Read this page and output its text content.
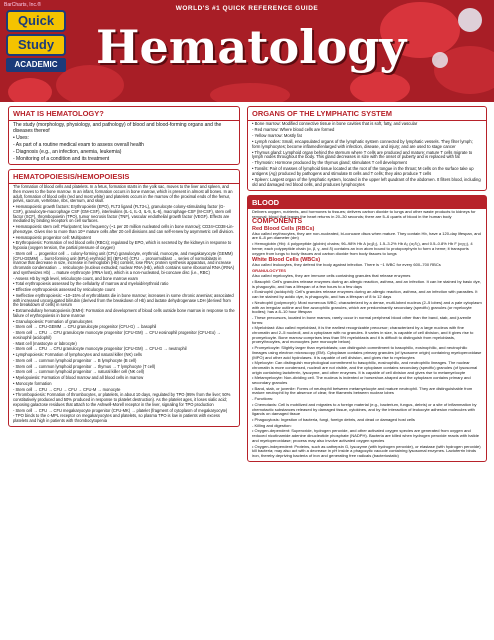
BarCharts, Inc.®	WORLD'S #1 QUICK REFERENCE GUIDE
Quick
Study
ACADEMIC Hematology
WHAT IS HEMATOLOGY?

The study (morphology, physiology, and pathology) of blood and blood-forming organs and the diseases thereof

• Uses:

- As part of a routine medical exam to assess overall health

- Diagnosis (e.g., an infection, anemia, leukemia)

- Monitoring of a condition and its treatment

HEMATOPOIESIS/HEMOPOIESIS

The formation of blood cells and platelets. In a fetus, formation starts in the yolk sac, moves to the liver and spleen, and then moves to the bone marrow. In an infant, formation occurs in bone marrow, which is present in almost all bones. In an adult, formation of blood cells (red and most white) and platelets occurs in the marrow of the proximal ends of the femur, pelvis, sacrum, vertebrae, ribs, sternum, and skull.

• Hematopoietic growth factors: Erythropoietin (EPO), FLT3 ligand (FLT3-L), granulocyte colony-stimulating factor (G-CSF), granulocyte-macrophage CSF (GM-CSF), interleukins (IL-1, IL-3, IL-5, IL-6), macrophage-CSF (M-CSF), stem cell factor (SCF), thrombopoietin (TPO), tumor necrosis factor (TNF), vascular endothelial growth factor (VEGF). Effects are mediated by binding receptors on cell surfaces.

• Hematopoietic stem cell: Pluripotent; low frequency (~1 per 20 million nucleated cells in bone marrow); CD34+CD38-Lin- phenotype. Gives rise to more than 10¹¹ mature cells after 20 cell divisions and can self-renew by asymmetric cell division.

• Hematopoietic progenitor cell: Multipotent

• Erythropoiesis: Formation of red blood cells (RBCs); regulated by EPO, which is secreted by the kidneys in response to hypoxia (oxygen tension, the partial pressure of oxygen)

- Stem cell → progenitor cell → colony-forming unit (CFU) granulocyte, erythroid, monocyte, and megakaryocyte (GEMM) (CFU-GEMM) → burst-forming unit (BFU) erythroid (E) (BFU-E) (CFU → pronormoblast → series of normoblasts in marrow that decrease in size, increase in hemoglobin (Hb) content, lose RNA; protein synthesis apparatus, and increase chromatin condensation → reticulocyte (nucleus extruded; nuclear RNA (Hb), which contains some ribosomal RNA (rRNA) and synthesizes Hb) → mature erythrocyte (rRNA lost), which is a non-nucleated, bi-concave disc (i.e., RBC)

- Assess Hb by Hgb level, reticulocyte count, and bone marrow exam

• Total erythropoiesis assessed by the cellularity of marrow and myeloid/erythroid ratio

• Effective erythropoiesis assessed by reticulocyte count

• Ineffective erythropoiesis: ~10–15% of erythroblasts die in bone marrow; increases in some chronic anemias; associated with increased unconjugated bilirubin (derived from the breakdown of Hb) and lactate dehydrogenase LDH (derived from the breakdown of cells) in serum

• Extramedullary hematopoiesis (EMH): Formation and development of blood cells outside bone marrow in response to the failure of erythropoiesis in bone marrow

• Granulopoiesis: Formation of granulocytes

- Stem cell → CFU-GEMM → CFU granulocyte progenitor (CFU-G) → basophil

- Stem cell → CFU → CFU granulocyte monocyte progenitor (CFU-GM) → CFU eosinophil progenitor (CFU-Eo) → eosinophil (acidophil)

- Mast cell (mastocyte or labrocyte)

- Stem cell → CFU → CFU granulocyte monocyte progenitor (CFU-GM) → CFU-G → neutrophil

• Lymphopoiesis: Formation of lymphocytes and natural killer (NK) cells

- Stem cell → common lymphoid progenitor → B lymphocyte (B cell)

- Stem cell → common lymphoid progenitor → thymus → T lymphocyte (T cell)

- Stem cell → common lymphoid progenitor → natural killer cell (NK cell)

• Myelopoiesis: Formation of blood marrow and all blood cells in marrow

• Monocyte formation

- Stem cell → CFU → CFU → CFU → CFU-M → monocyte

• Thrombopoiesis: Formation of thrombocytes, or platelets, in about 10 days, regulated by TPO (95% from the liver; 50% constitutively produced and 50% produced in response to platelet destruction). As the platelet ages, it loses sialic acid; exposing galactose residues that attach to the Ashwell-Morell receptor in the liver, signaling for TPO production

- Stem cell → CFU → CFU megakaryocyte progenitor (CFU-MK) → platelet (fragment of cytoplasm of megakaryocyte)

- TPO binds to the c-MPL receptor on megakaryocytes and platelets, so plasma TPO is low in patients with excess platelets and high in patients with thrombocytopenia

ORGANS OF THE LYMPHATIC SYSTEM

• Bone marrow: Modified connective tissue in bone cavities that is soft, fatty, and vascular

- Red marrow: Where blood cells are formed

- Yellow marrow: Mostly fat

• Lymph nodes: Small, encapsulated organs of the lymphatic system connected by lymphatic vessels. They filter lymph; form lymphocytes; become inflamed/enlarged with infection, disease, and injury; and are used to stage cancer

• Thymus gland: Lymphoid organ behind the sternum where T cells are produced and mature; mature T cells migrate to lymph nodes throughout the body. This gland decreases in size with the onset of puberty and is replaced with fat

- Thymosin: Hormone produced by the thymus gland; stimulates T cell development

• Tonsils: Pair of masses of lymphoid tissue located at the root of the tongue in the throat; M cells on the surface take up antigens (Ag) produced by pathogens and stimulate B cells and T cells; they also produce T cells

• Spleen: Largest organ of the lymphatic system, located in the upper left quadrant of the abdomen. It filters blood, including old and damaged red blood cells, and produces lymphocytes

BLOOD

Delivers oxygen, nutrients, and hormones to tissues; delivers carbon dioxide to lungs and other waste products to kidneys for removal; blood that leaves the heart returns in 20–30 seconds; there are 5–6 quarts of blood in the human body

COMPONENTS
Red Blood Cells (RBCs)

Also called erythrocytes, they are non-nucleated, bi-concave discs when mature. They contain Hb, have a 120-day lifespan, and are 6–8 μm diameter (dm)

• Hemoglobin (Hb): 4 polypeptide (globin) chains; 96–98% Hb A (α₂β₂), 1.5–3.2% Hb A₂ (α₂δ₂), and 0.5–0.8% Hb F (α₂γ₂), 4 heme; each polypeptide chain (α, β, γ, and δ) contains an iron atom bound to protoporphyrin to form a heme; it transports oxygen from lungs to body tissues and carbon dioxide from body tissues to lungs

White Blood Cells (WBCs)

Also called leukocytes, they defend the body against infection. There is ~1 WBC for every 600–700 RBCs

GRANULOCYTES

Also called myelocytes, they are immune cells containing granules that release enzymes

• Basophil: Cell's granules release enzymes during an allergic reaction, asthma, and an infection. It can be stained by basic dye, is phagocytic, and has a lifespan of a few hours to a few days

• Eosinophil (acidophil): Cell's granules release enzymes during an allergic reaction, asthma, and an infection with parasites. It can be stained by acidic dye, is phagocytic, and has a lifespan of 8 to 12 days

• Neutrophil (polymorph): Most numerous WBC; characterized by a dense, multi-lobed nucleus (2–5 lobes) and a pale cytoplasm with an irregular outline and fine azurophilic granules, which are predominantly secondary (specific) granules (or myelocyte bodies); has a 8–10 hour lifespan

- These precursors, located in bone marrow, rarely occur in normal peripheral blood other than the band, stab, and juvenile forms:

• Myeloblast: Also called myeloblast, it is the earliest recognizable precursor; characterized by a large nucleus with fine chromatin and 2–5 nucleoli, and a cytoplasm with no granules. It varies in size, is capable of cell division, and it gives rise to promyelocyte. Bone marrow comprises less than 5% myeloblasts and it is difficult to distinguish from myeloblasts, proerythrocytes, and monocytes (see monocyte below)

• Promyelocyte: Slightly larger than myeloblasts; can distinguish commitment to basophilic, eosinophilic, and neutrophilic lineages using electron microscopy (EM). Cytoplasm contains primary granules (of lysosome origin) containing myeloperoxidase (MPO) and other acid hydrolases. It is capable of cell division, and gives rise to myelocytes

• Myelocyte: Can distinguish morphological commitment to basophilic, eosinophilic, and neutrophilic lineages. The nuclear chromatin is more condensed, nucleoli are not visible, and the cytoplasm contains secondary (specific) granules (of lysosomal origin containing lactoferrin, lysozyme, and other enzymes. It is capable of cell division and gives rise to metamyelocyte

• Metamyelocyte: Non-dividing cell. The nucleus is indented or horseshoe-shaped and the cytoplasm contains primary and secondary granules

• Band, stab, or juvenile: Forms of neutrophil between metamyelocyte and mature neutrophil. They are distinguishable from mature neutrophil by the absence of clear, fine filaments between nuclear lobes

- Functions:

• Chemotaxis: Cell is mobilized and migrates to a foreign material (e.g., bacterium, fungus, debris) or a site of inflammation by chemotactic substances released by damaged tissue, cytokines, and by the interaction of leukocyte adhesion molecules with ligands on damaged tissue

• Phagocytosis: Ingestion of bacteria, fungi, foreign debris, and dead or damaged host cells

- Killing and digestion:

• Oxygen-dependent: Superoxide, hydrogen peroxide, and other activated oxygen species are generated from oxygen and reduced nicotinamide adenine dinucleotide phosphate (NADPH). Bacteria are killed when hydrogen peroxide reacts with halide and myeloperoxidase; process may also involve activated oxygen species

• Oxygen-independent: Proteins, such as cathepsin G, lysozyme (with hydrogen peroxide), or elastase (with hydrogen peroxide) kill bacteria; may also act with a decrease in pH inside a phagocytic vacuole containing lysosomal enzymes. Lactoferrin binds iron, thereby depriving bacteria of iron and generating free radicals (bacteriostatic)
